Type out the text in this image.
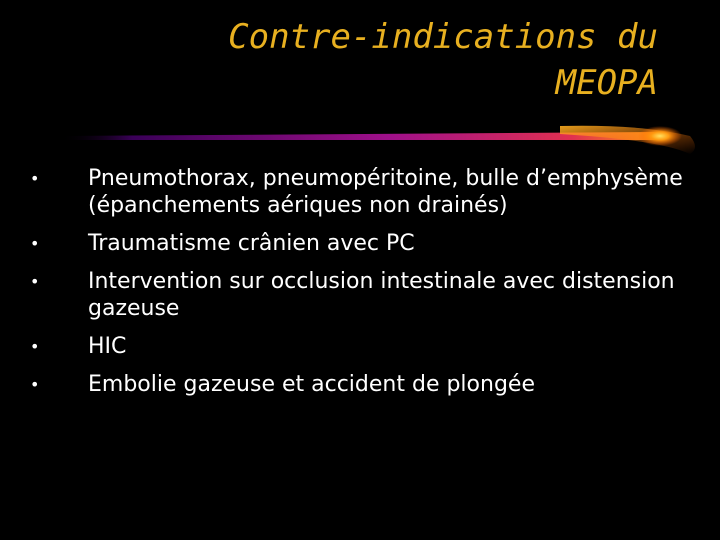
Contre-indications du
MEOPA
•	Pneumothorax, pneumopéritoine, bulle d’emphysème (épanchements aériques non drainés)
•	Traumatisme crânien avec PC
•	Intervention sur occlusion intestinale avec distension gazeuse
•	HIC
•	Embolie gazeuse et accident de plongée
